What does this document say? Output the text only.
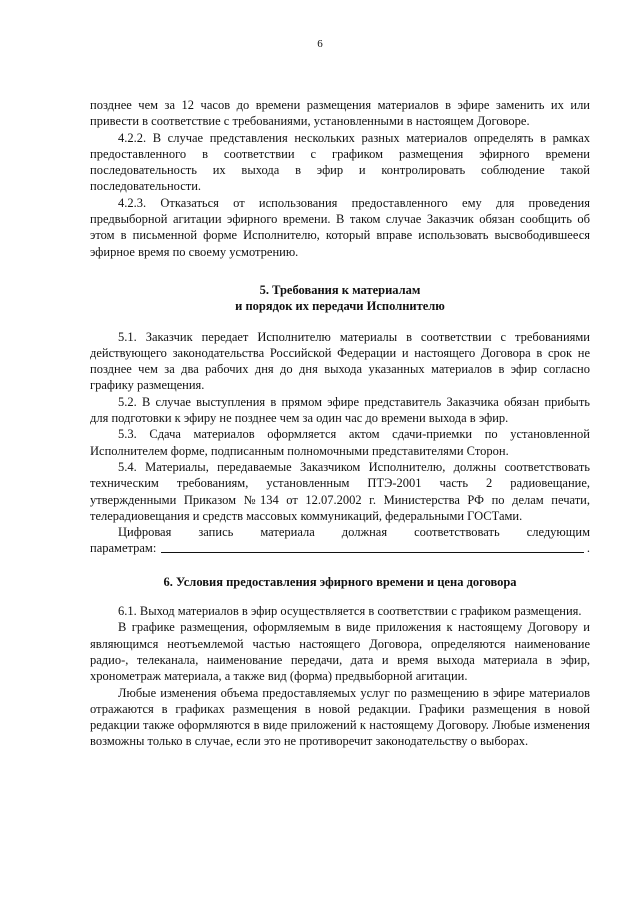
6

позднее чем за 12 часов до времени размещения материалов в эфире заменить их или привести в соответствие с требованиями, установленными в настоящем Договоре.

4.2.2. В случае представления нескольких разных материалов определять в рамках предоставленного в соответствии с графиком размещения эфирного времени последовательность их выхода в эфир и контролировать соблюдение такой последовательности.

4.2.3. Отказаться от использования предоставленного ему для проведения предвыборной агитации эфирного времени. В таком случае Заказчик обязан сообщить об этом в письменной форме Исполнителю, который вправе использовать высвободившееся эфирное время по своему усмотрению.

5. Требования к материалам
и порядок их передачи Исполнителю

5.1. Заказчик передает Исполнителю материалы в соответствии с требованиями действующего законодательства Российской Федерации и настоящего Договора в срок не позднее чем за два рабочих дня до дня выхода указанных материалов в эфир согласно графику размещения.

5.2. В случае выступления в прямом эфире представитель Заказчика обязан прибыть для подготовки к эфиру не позднее чем за один час до времени выхода в эфир.

5.3. Сдача материалов оформляется актом сдачи-приемки по установленной Исполнителем форме, подписанным полномочными представителями Сторон.

5.4. Материалы, передаваемые Заказчиком Исполнителю, должны соответствовать техническим требованиям, установленным ПТЭ-2001 часть 2 радиовещание, утвержденными Приказом №134 от 12.07.2002 г. Министерства РФ по делам печати, телерадиовещания и средств массовых коммуникаций, федеральными ГОСТами.

Цифровая запись материала должная соответствовать следующим

параметрам:	.
6. Условия предоставления эфирного времени и цена договора

6.1. Выход материалов в эфир осуществляется в соответствии с графиком размещения.

В графике размещения, оформляемым в виде приложения к настоящему Договору и являющимся неотъемлемой частью настоящего Договора, определяются наименование радио-, телеканала, наименование передачи, дата и время выхода материала в эфир, хронометраж материала, а также вид (форма) предвыборной агитации.

Любые изменения объема предоставляемых услуг по размещению в эфире материалов отражаются в графиках размещения в новой редакции. Графики размещения в новой редакции также оформляются в виде приложений к настоящему Договору. Любые изменения возможны только в случае, если это не противоречит законодательству о выборах.
